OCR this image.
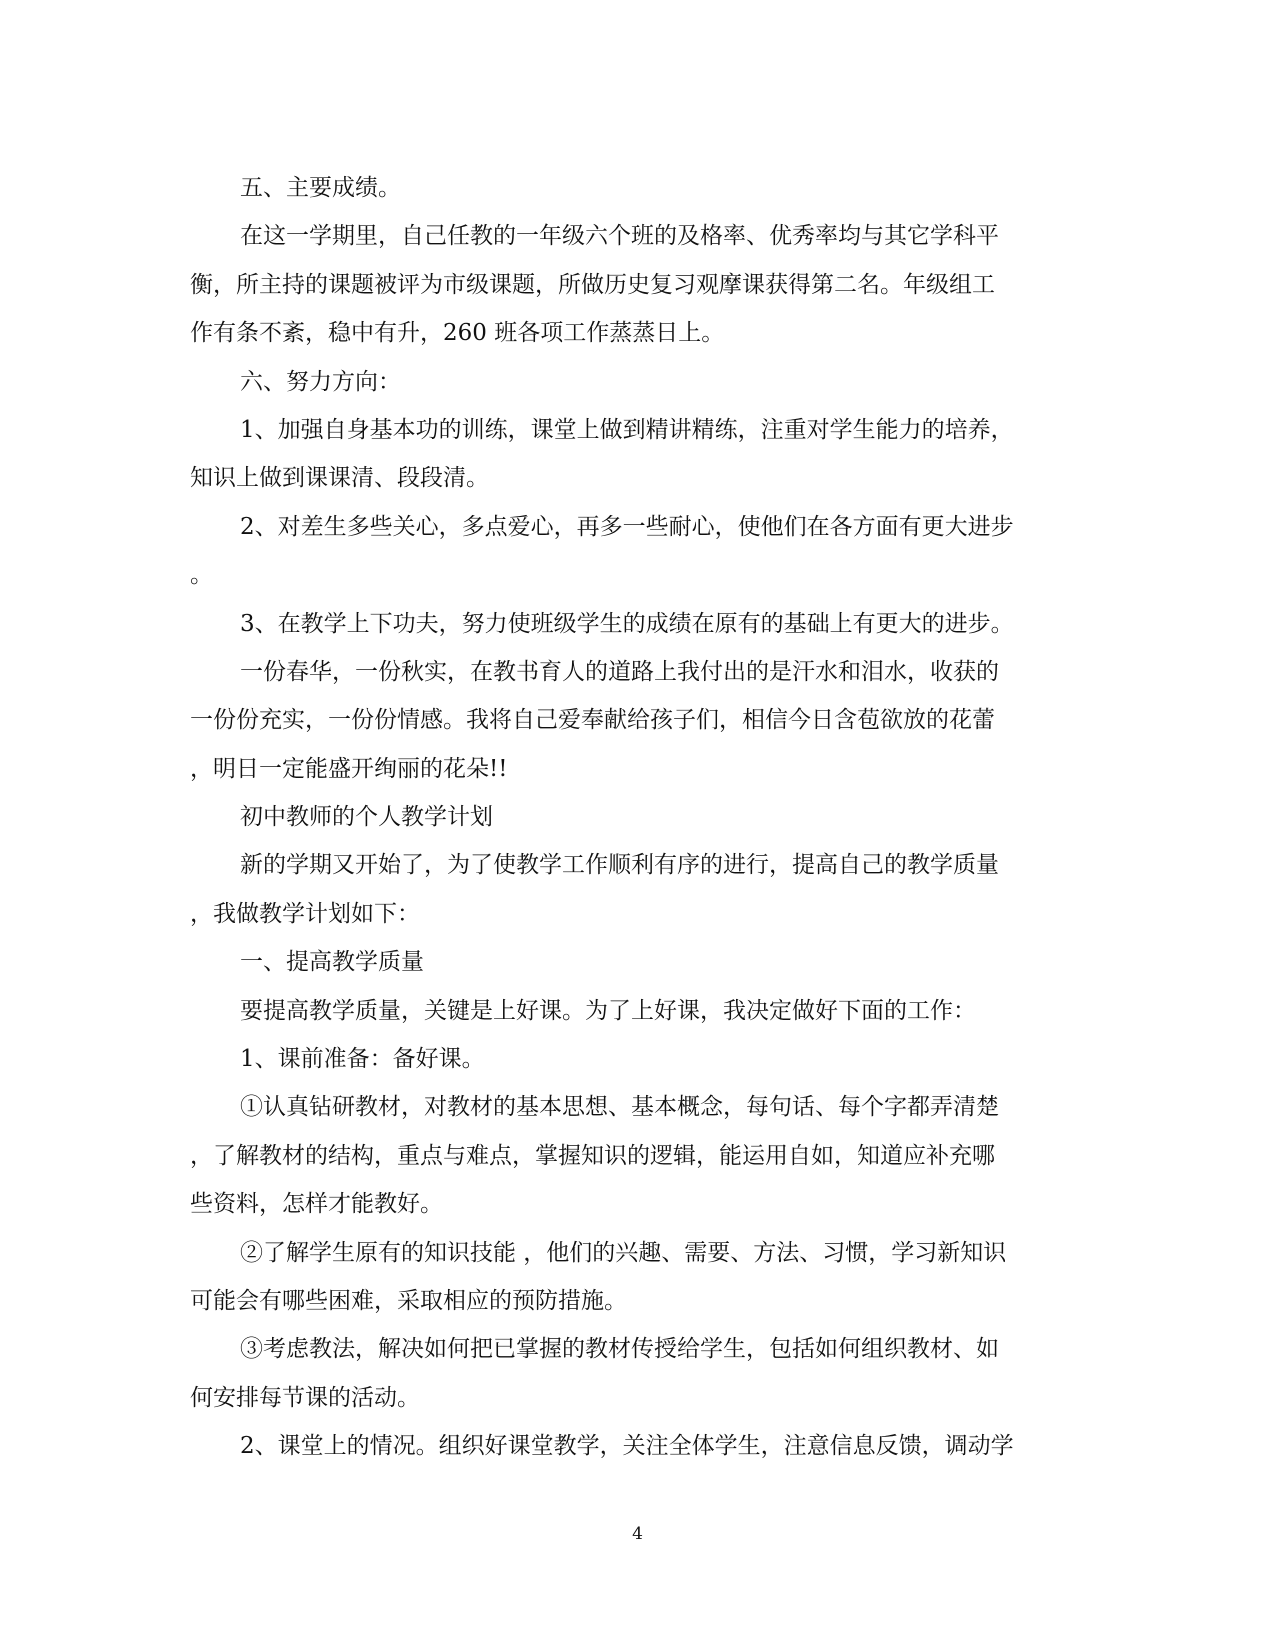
五、主要成绩。
在这一学期里，自己任教的一年级六个班的及格率、优秀率均与其它学科平
衡，所主持的课题被评为市级课题，所做历史复习观摩课获得第二名。年级组工
作有条不紊，稳中有升，260 班各项工作蒸蒸日上。
六、努力方向：
1、加强自身基本功的训练，课堂上做到精讲精练，注重对学生能力的培养，
知识上做到课课清、段段清。
2、对差生多些关心，多点爱心，再多一些耐心，使他们在各方面有更大进步
。
3、在教学上下功夫，努力使班级学生的成绩在原有的基础上有更大的进步。
一份春华，一份秋实，在教书育人的道路上我付出的是汗水和泪水，收获的
一份份充实，一份份情感。我将自己爱奉献给孩子们，相信今日含苞欲放的花蕾
，明日一定能盛开绚丽的花朵!!
初中教师的个人教学计划
新的学期又开始了，为了使教学工作顺利有序的进行，提高自己的教学质量
，我做教学计划如下：
一、提高教学质量
要提高教学质量，关键是上好课。为了上好课，我决定做好下面的工作：
1、课前准备：备好课。
①认真钻研教材，对教材的基本思想、基本概念，每句话、每个字都弄清楚
，了解教材的结构，重点与难点，掌握知识的逻辑，能运用自如，知道应补充哪
些资料，怎样才能教好。
②了解学生原有的知识技能 ，他们的兴趣、需要、方法、习惯，学习新知识
可能会有哪些困难，采取相应的预防措施。
③考虑教法，解决如何把已掌握的教材传授给学生，包括如何组织教材、如
何安排每节课的活动。
2、课堂上的情况。组织好课堂教学，关注全体学生，注意信息反馈，调动学
4
